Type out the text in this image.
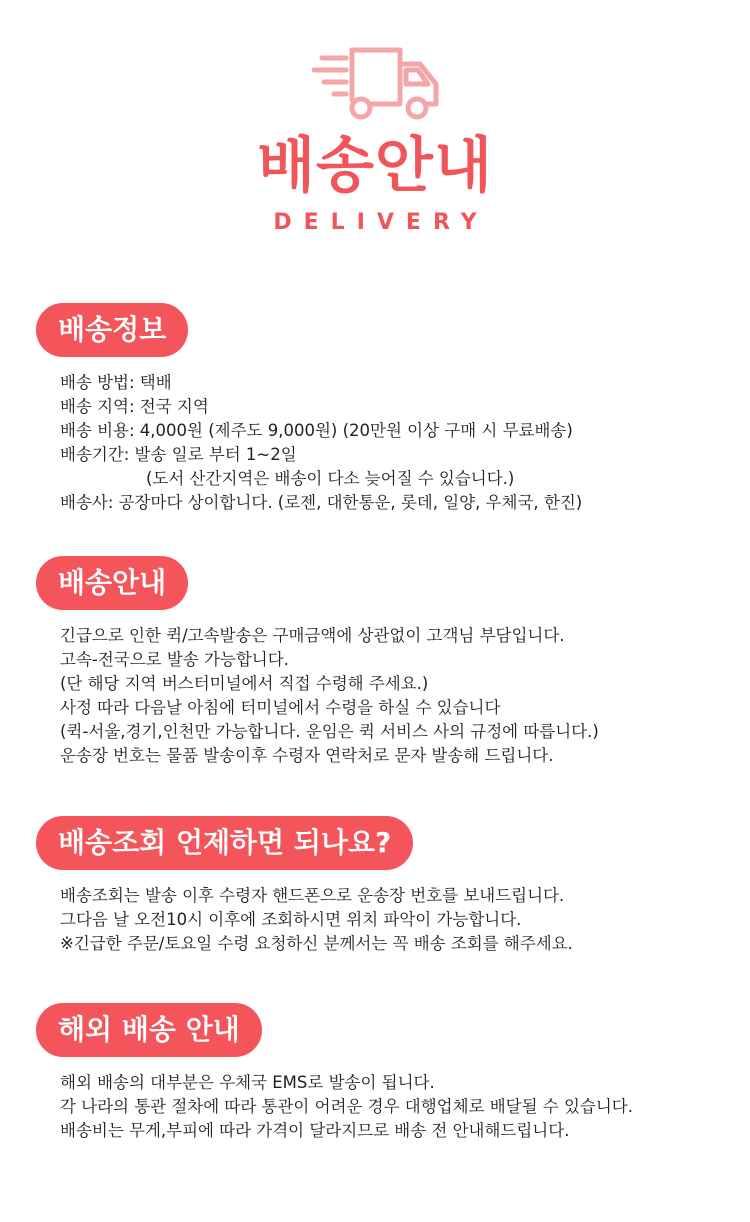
배송안내
DELIVERY
배송정보
배송 방법: 택배
배송 지역: 전국 지역
배송 비용: 4,000원 (제주도 9,000원) (20만원 이상 구매 시 무료배송)
배송기간: 발송 일로 부터 1~2일
(도서 산간지역은 배송이 다소 늦어질 수 있습니다.)
배송사: 공장마다 상이합니다. (로젠, 대한통운, 롯데, 일양, 우체국, 한진)
배송안내
긴급으로 인한 퀵/고속발송은 구매금액에 상관없이 고객님 부담입니다.
고속-전국으로 발송 가능합니다.
(단 해당 지역 버스터미널에서 직접 수령해 주세요.)
사정 따라 다음날 아침에 터미널에서 수령을 하실 수 있습니다
(퀵-서울,경기,인천만 가능합니다. 운임은 퀵 서비스 사의 규정에 따릅니다.)
운송장 번호는 물품 발송이후 수령자 연락처로 문자 발송해 드립니다.
배송조회 언제하면 되나요?
배송조회는 발송 이후 수령자 핸드폰으로 운송장 번호를 보내드립니다.
그다음 날 오전10시 이후에 조회하시면 위치 파악이 가능합니다.
※긴급한 주문/토요일 수령 요청하신 분께서는 꼭 배송 조회를 해주세요.
해외 배송 안내
해외 배송의 대부분은 우체국 EMS로 발송이 됩니다.
각 나라의 통관 절차에 따라 통관이 어려운 경우 대행업체로 배달될 수 있습니다.
배송비는 무게,부피에 따라 가격이 달라지므로 배송 전 안내해드립니다.
